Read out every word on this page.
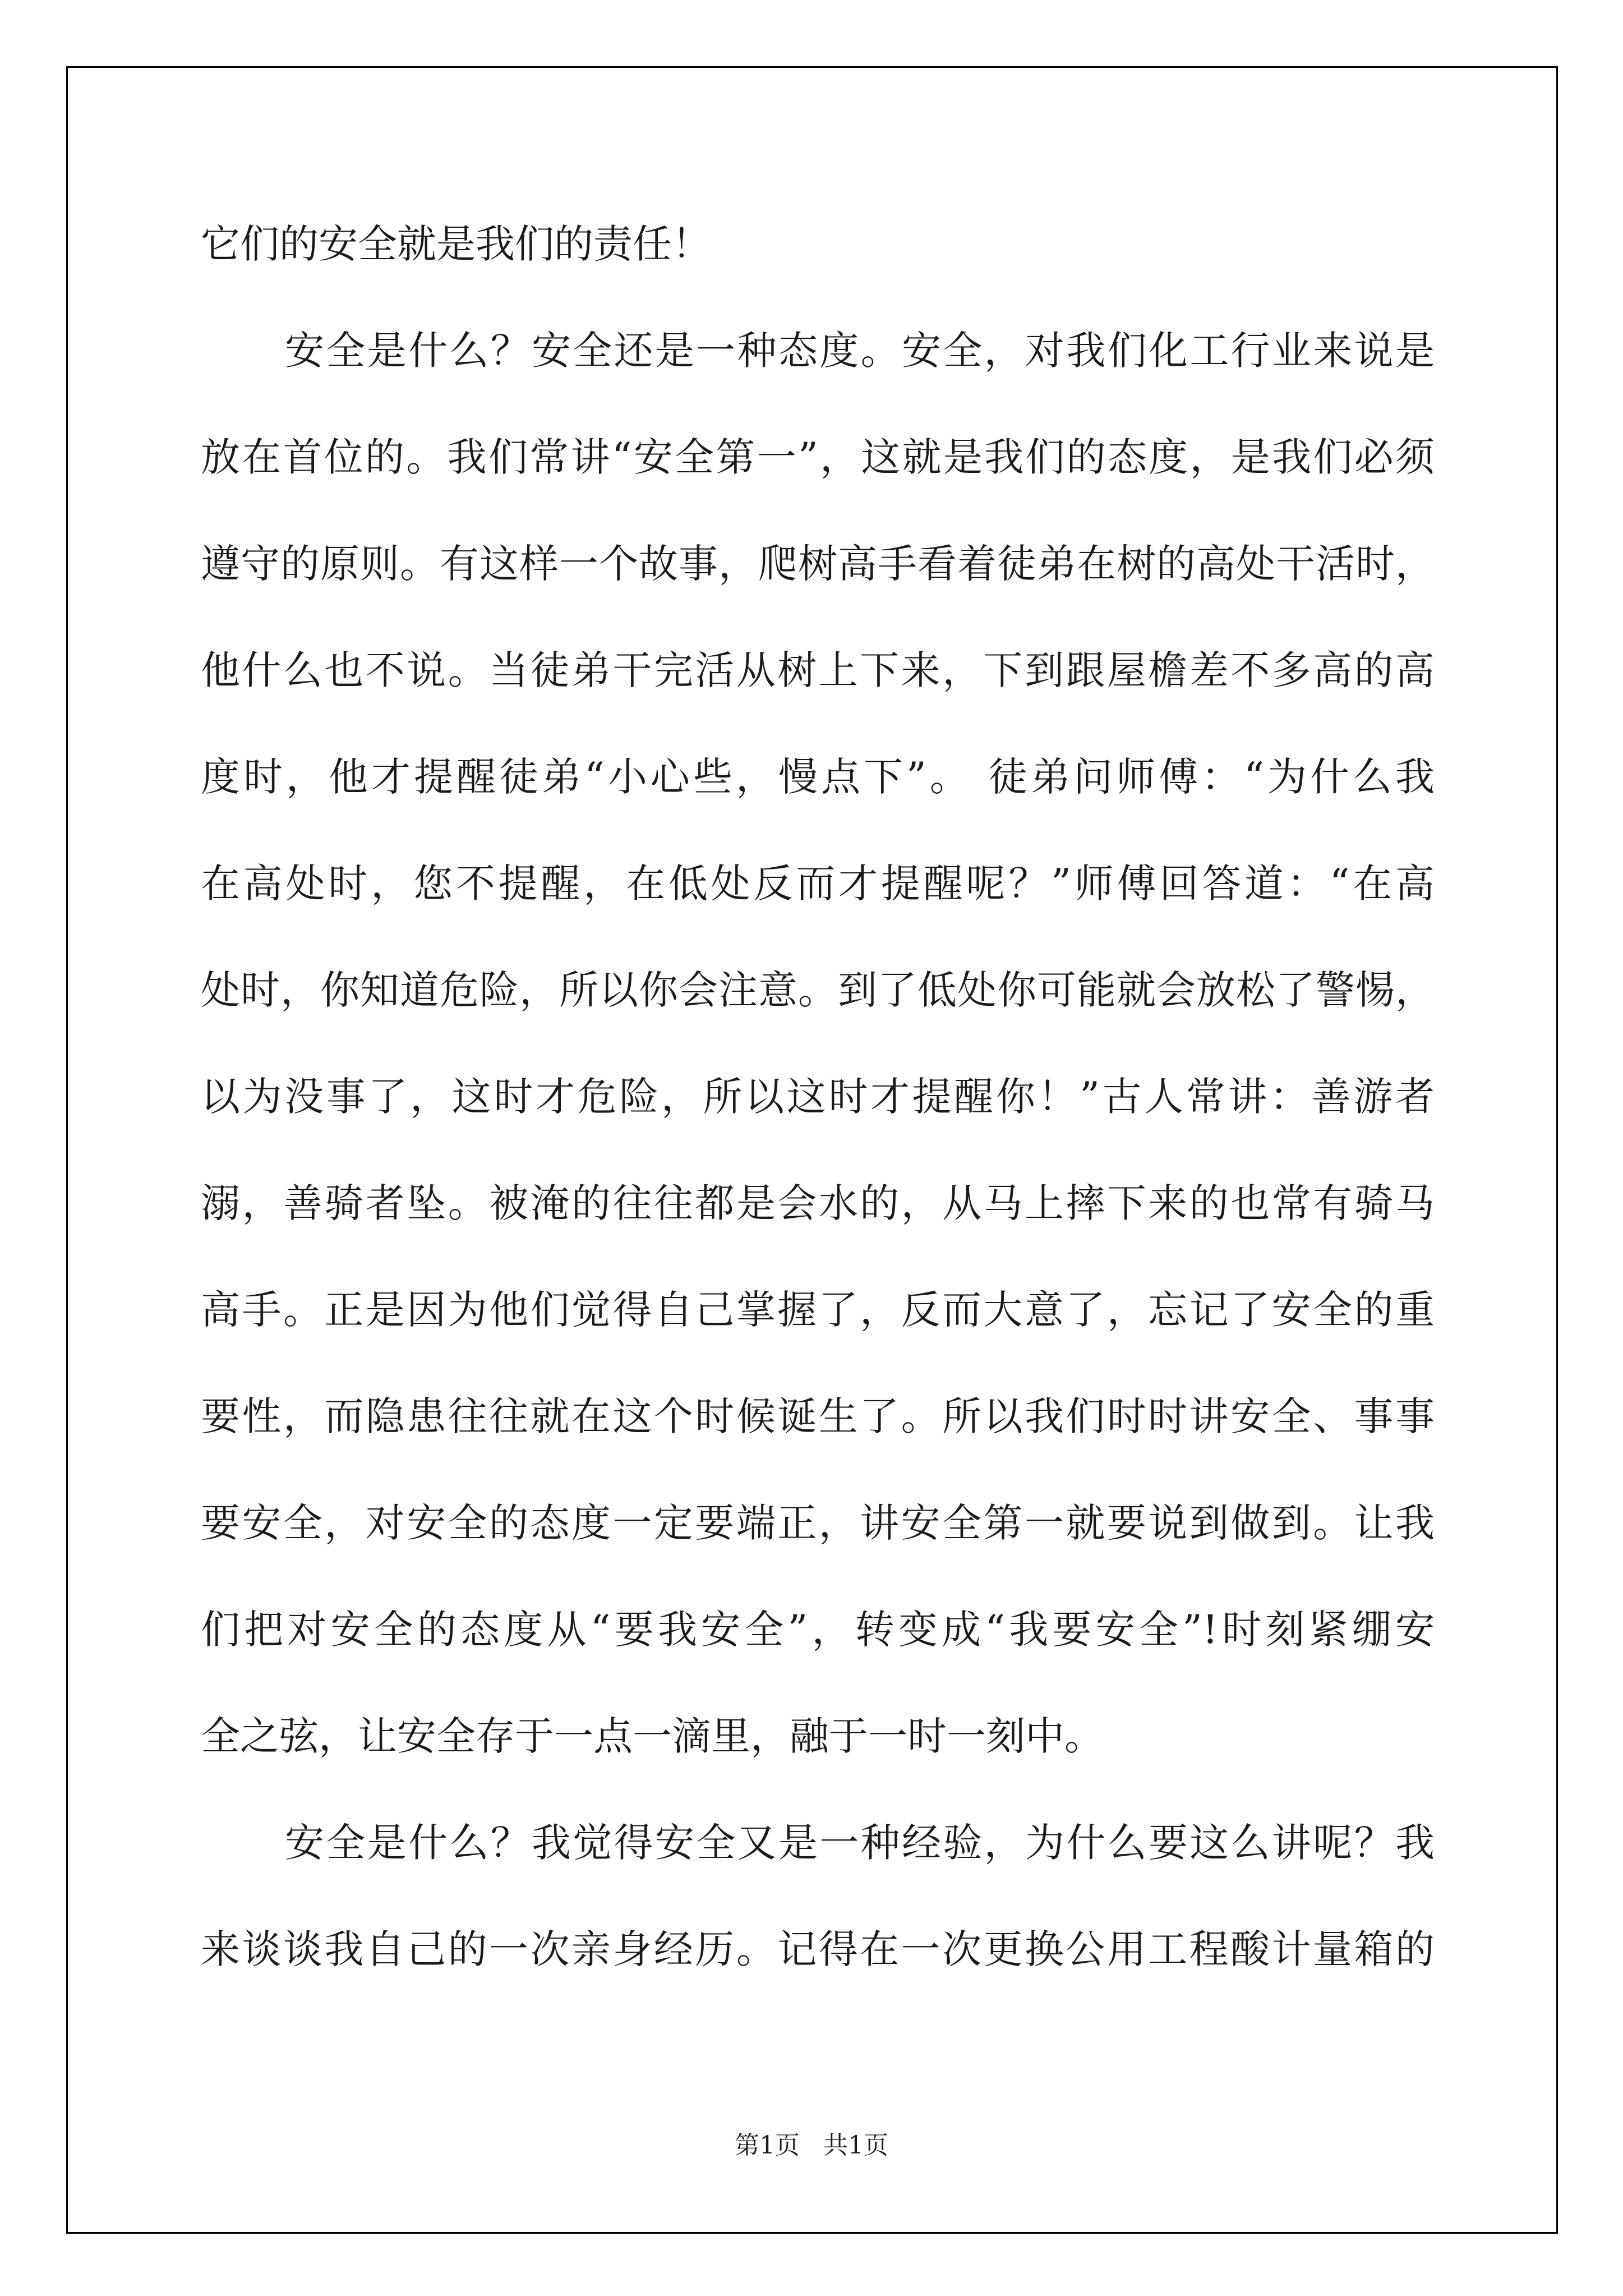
它们的安全就是我们的责任！
安全是什么？安全还是一种态度。安全，对我们化工行业来说是
放在首位的。我们常讲“安全第一”，这就是我们的态度，是我们必须
遵守的原则。有这样一个故事，爬树高手看着徒弟在树的高处干活时，
他什么也不说。当徒弟干完活从树上下来，下到跟屋檐差不多高的高
度时，他才提醒徒弟“小心些，慢点下”。 徒弟问师傅：“为什么我
在高处时，您不提醒，在低处反而才提醒呢？”师傅回答道：“在高
处时，你知道危险，所以你会注意。到了低处你可能就会放松了警惕，
以为没事了，这时才危险，所以这时才提醒你！”古人常讲：善游者
溺，善骑者坠。被淹的往往都是会水的，从马上摔下来的也常有骑马
高手。正是因为他们觉得自己掌握了，反而大意了，忘记了安全的重
要性，而隐患往往就在这个时候诞生了。所以我们时时讲安全、事事
要安全，对安全的态度一定要端正，讲安全第一就要说到做到。让我
们把对安全的态度从“要我安全”，转变成“我要安全”!时刻紧绷安
全之弦，让安全存于一点一滴里，融于一时一刻中。
安全是什么？我觉得安全又是一种经验，为什么要这么讲呢？我
来谈谈我自己的一次亲身经历。记得在一次更换公用工程酸计量箱的
第1页 共1页
